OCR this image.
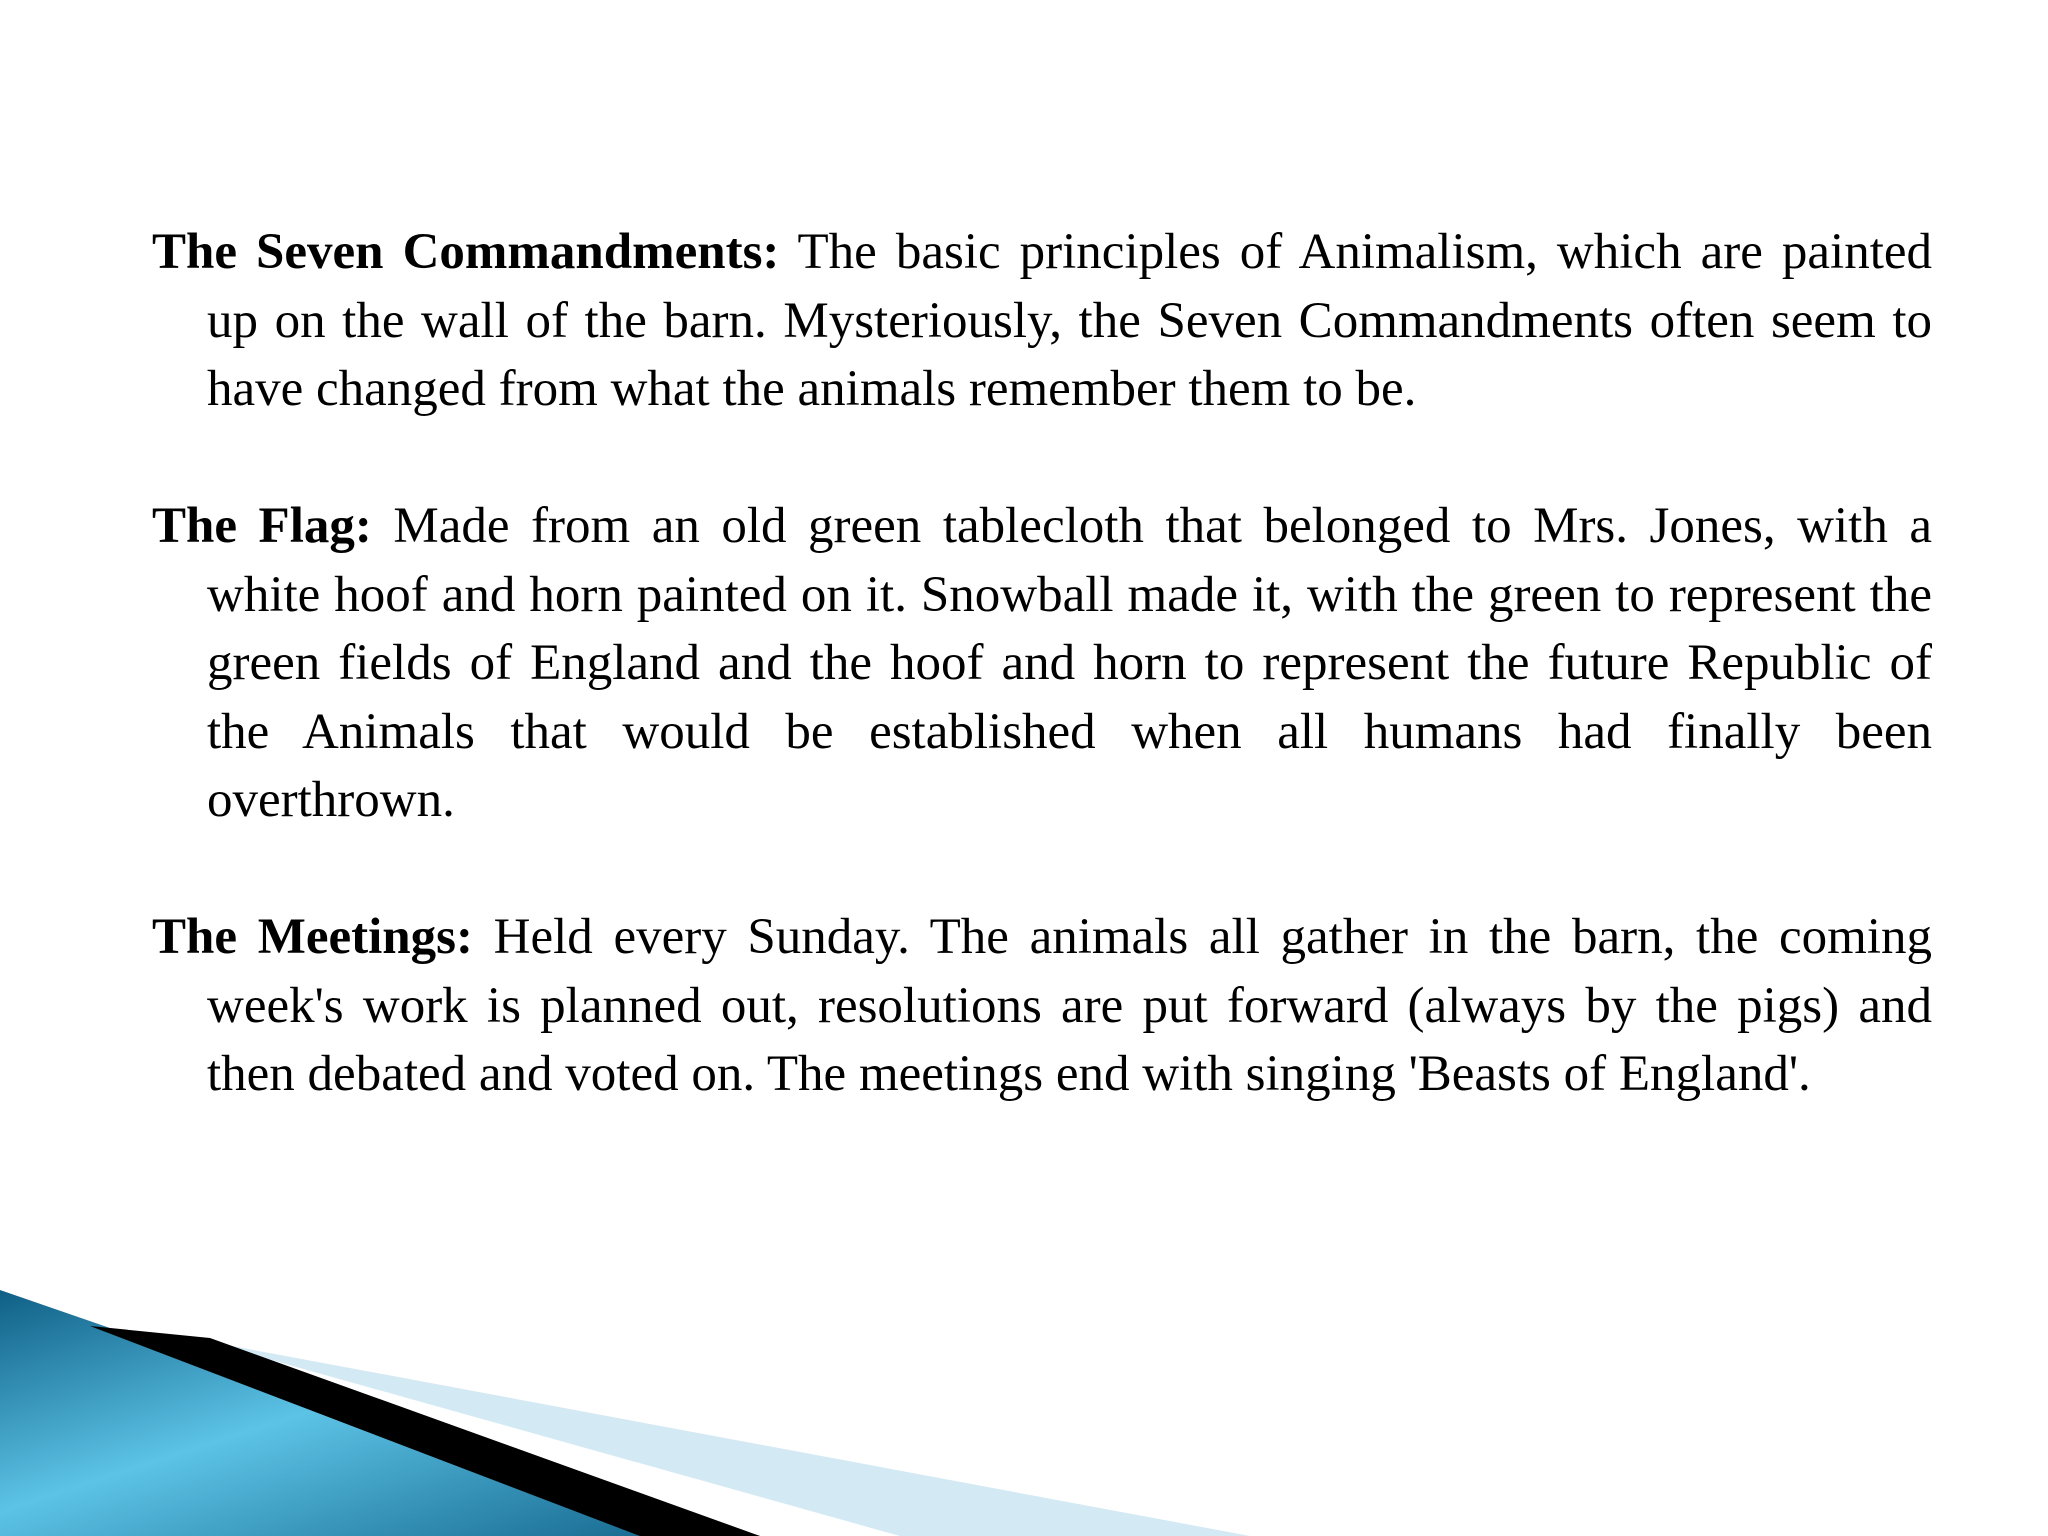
The Seven Commandments: The basic principles of Animalism, which are painted up on the wall of the barn. Mysteriously, the Seven Commandments often seem to have changed from what the animals remember them to be.

The Flag: Made from an old green tablecloth that belonged to Mrs. Jones, with a white hoof and horn painted on it. Snowball made it, with the green to represent the green fields of England and the hoof and horn to represent the future Republic of the Animals that would be established when all humans had finally been overthrown.

The Meetings: Held every Sunday. The animals all gather in the barn, the coming week's work is planned out, resolutions are put forward (always by the pigs) and then debated and voted on. The meetings end with singing 'Beasts of England'.
